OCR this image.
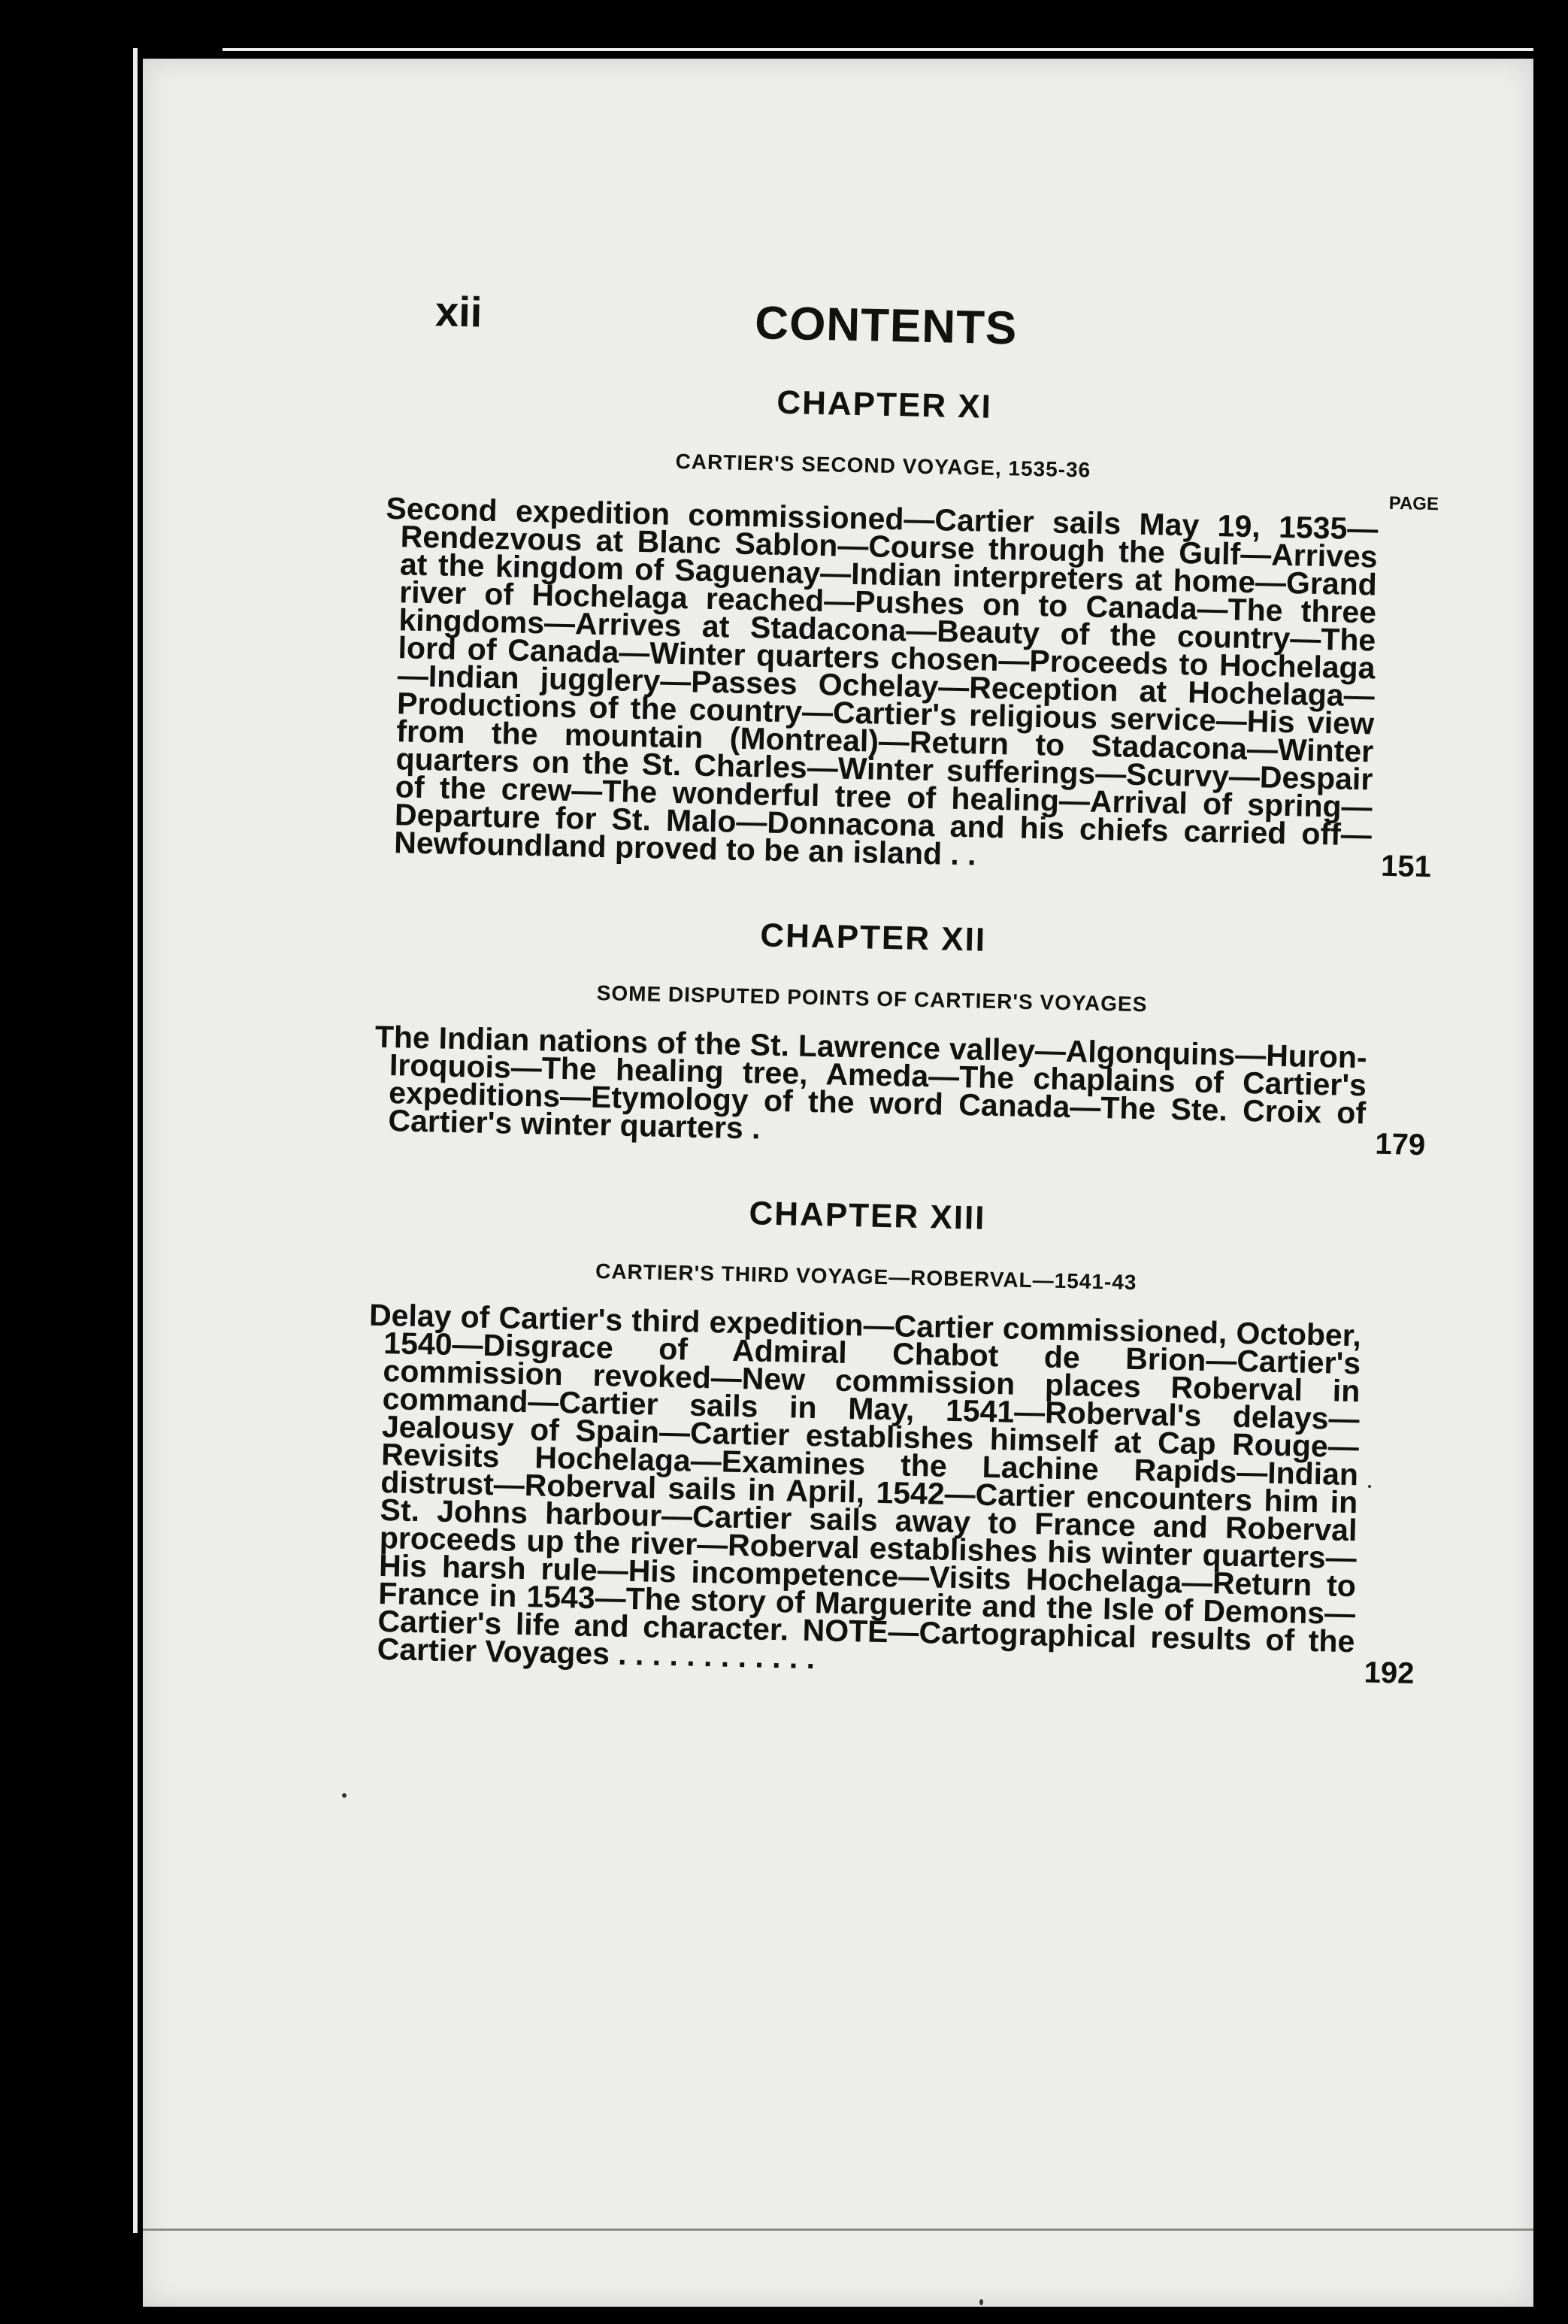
xii	CONTENTS
CHAPTER XI
CARTIER'S SECOND VOYAGE, 1535-36
PAGE
Second expedition commissioned—Cartier sails May 19, 1535—Rendezvous at Blanc Sablon—Course through the Gulf—Arrives at the kingdom of Saguenay—Indian interpreters at home—Grand river of Hochelaga reached—Pushes on to Canada—The three kingdoms—Arrives at Stadacona—Beauty of the country—The lord of Canada—Winter quarters chosen—Proceeds to Hochelaga—Indian jugglery—Passes Ochelay—Reception at Hochelaga—Productions of the country—Cartier's religious service—His view from the mountain (Montreal)—Return to Stadacona—Winter quarters on the St. Charles—Winter sufferings—Scurvy—Despair of the crew—The wonderful tree of healing—Arrival of spring—Departure for St. Malo—Donnacona and his chiefs carried off—Newfoundland proved to be an island . .	151
CHAPTER XII
SOME DISPUTED POINTS OF CARTIER'S VOYAGES
The Indian nations of the St. Lawrence valley—Algonquins—Huron-Iroquois—The healing tree, Ameda—The chaplains of Cartier's expeditions—Etymology of the word Canada—The Ste. Croix of Cartier's winter quarters .	179
CHAPTER XIII
CARTIER'S THIRD VOYAGE—ROBERVAL—1541-43
Delay of Cartier's third expedition—Cartier commissioned, October, 1540—Disgrace of Admiral Chabot de Brion—Cartier's commission revoked—New commission places Roberval in command—Cartier sails in May, 1541—Roberval's delays—Jealousy of Spain—Cartier establishes himself at Cap Rouge—Revisits Hochelaga—Examines the Lachine Rapids—Indian distrust—Roberval sails in April, 1542—Cartier encounters him in St. Johns harbour—Cartier sails away to France and Roberval proceeds up the river—Roberval establishes his winter quarters—His harsh rule—His incompetence—Visits Hochelaga—Return to France in 1543—The story of Marguerite and the Isle of Demons—Cartier's life and character. NOTE—Cartographical results of the Cartier Voyages . . . . . . . . . . . .	192
